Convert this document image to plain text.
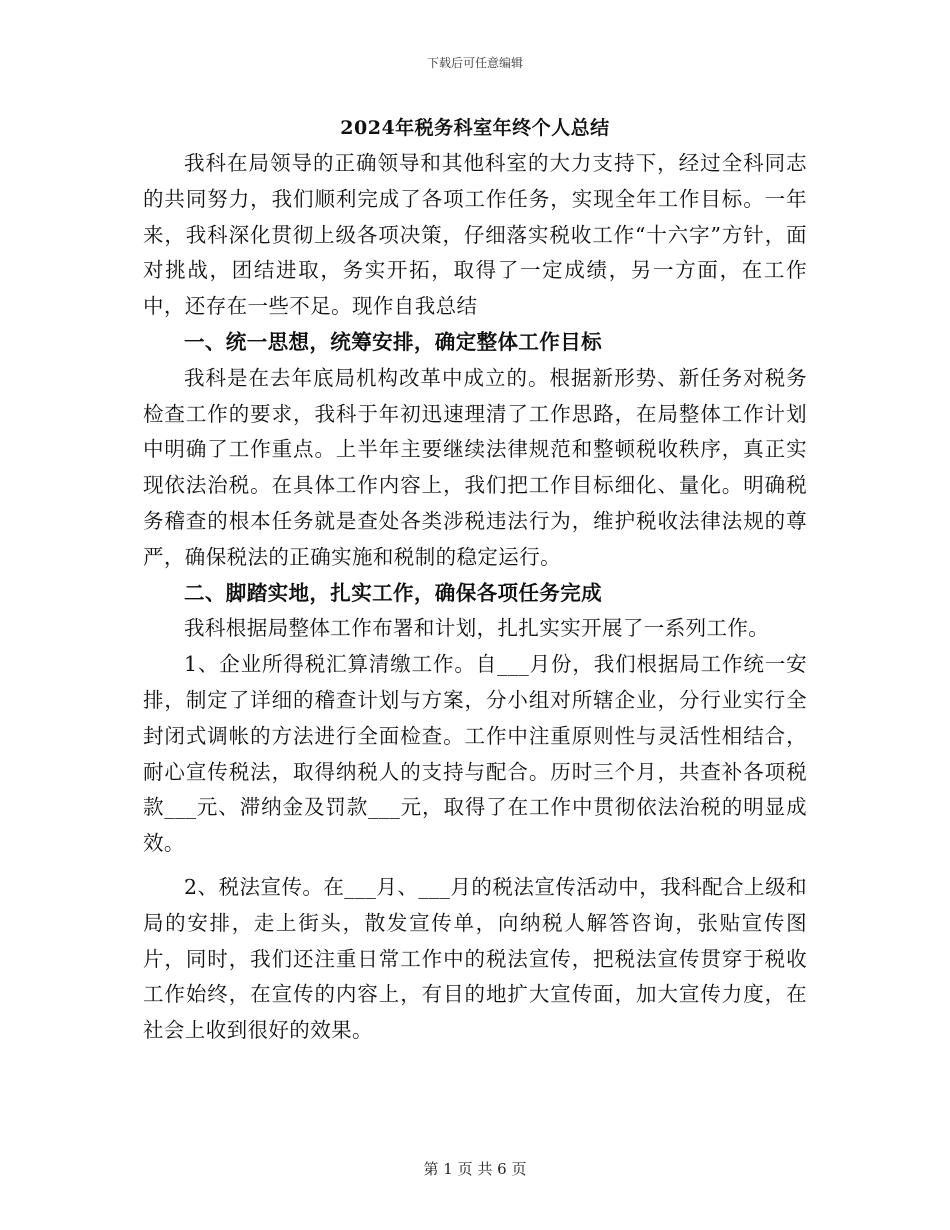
下载后可任意编辑
2024年税务科室年终个人总结

我科在局领导的正确领导和其他科室的大力支持下，经过全科同志的共同努力，我们顺利完成了各项工作任务，实现全年工作目标。一年来，我科深化贯彻上级各项决策，仔细落实税收工作“十六字”方针，面对挑战，团结进取，务实开拓，取得了一定成绩，另一方面，在工作中，还存在一些不足。现作自我总结

一、统一思想，统筹安排，确定整体工作目标

我科是在去年底局机构改革中成立的。根据新形势、新任务对税务检查工作的要求，我科于年初迅速理清了工作思路，在局整体工作计划中明确了工作重点。上半年主要继续法律规范和整顿税收秩序，真正实现依法治税。在具体工作内容上，我们把工作目标细化、量化。明确税务稽查的根本任务就是查处各类涉税违法行为，维护税收法律法规的尊严，确保税法的正确实施和税制的稳定运行。

二、脚踏实地，扎实工作，确保各项任务完成

我科根据局整体工作布署和计划，扎扎实实开展了一系列工作。

1、企业所得税汇算清缴工作。自___月份，我们根据局工作统一安排，制定了详细的稽查计划与方案，分小组对所辖企业，分行业实行全封闭式调帐的方法进行全面检查。工作中注重原则性与灵活性相结合，耐心宣传税法，取得纳税人的支持与配合。历时三个月，共查补各项税款___元、滞纳金及罚款___元，取得了在工作中贯彻依法治税的明显成效。

2、税法宣传。在___月、___月的税法宣传活动中，我科配合上级和局的安排，走上街头，散发宣传单，向纳税人解答咨询，张贴宣传图片，同时，我们还注重日常工作中的税法宣传，把税法宣传贯穿于税收工作始终，在宣传的内容上，有目的地扩大宣传面，加大宣传力度，在社会上收到很好的效果。

第 1 页 共 6 页
